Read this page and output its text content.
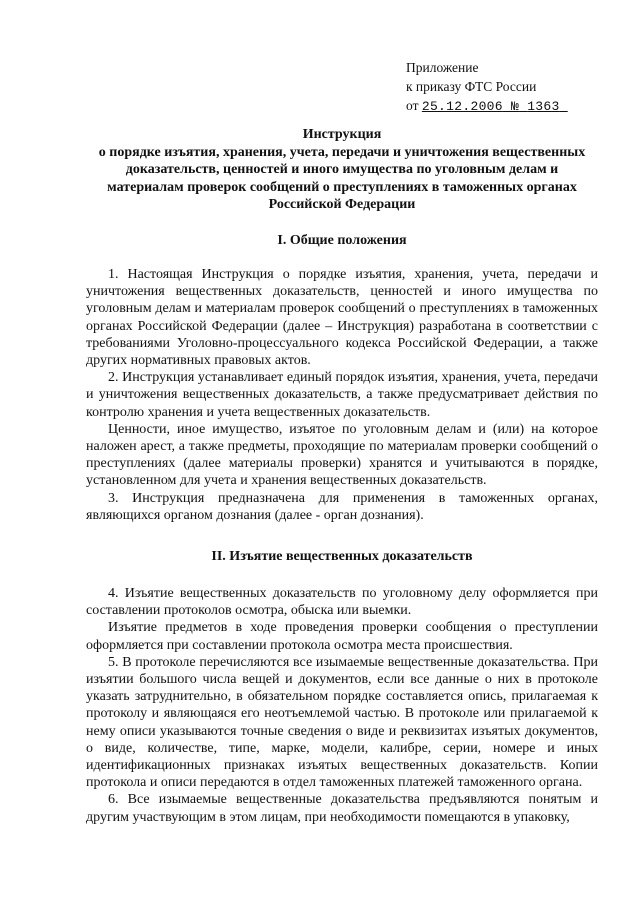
Приложение
к приказу ФТС России
от 25.12.2006 № 1363
Инструкция
о порядке изъятия, хранения, учета, передачи и уничтожения вещественных доказательств, ценностей и иного имущества по уголовным делам и материалам проверок сообщений о преступлениях в таможенных органах Российской Федерации
I. Общие положения

1. Настоящая Инструкция о порядке изъятия, хранения, учета, передачи и уничтожения вещественных доказательств, ценностей и иного имущества по уголовным делам и материалам проверок сообщений о преступлениях в таможенных органах Российской Федерации (далее – Инструкция) разработана в соответствии с требованиями Уголовно-процессуального кодекса Российской Федерации, а также других нормативных правовых актов.

2. Инструкция устанавливает единый порядок изъятия, хранения, учета, передачи и уничтожения вещественных доказательств, а также предусматривает действия по контролю хранения и учета вещественных доказательств.

Ценности, иное имущество, изъятое по уголовным делам и (или) на которое наложен арест, а также предметы, проходящие по материалам проверки сообщений о преступлениях (далее материалы проверки) хранятся и учитываются в порядке, установленном для учета и хранения вещественных доказательств.

3. Инструкция предназначена для применения в таможенных органах, являющихся органом дознания (далее - орган дознания).

II. Изъятие вещественных доказательств

4. Изъятие вещественных доказательств по уголовному делу оформляется при составлении протоколов осмотра, обыска или выемки.

Изъятие предметов в ходе проведения проверки сообщения о преступлении оформляется при составлении протокола осмотра места происшествия.

5. В протоколе перечисляются все изымаемые вещественные доказательства. При изъятии большого числа вещей и документов, если все данные о них в протоколе указать затруднительно, в обязательном порядке составляется опись, прилагаемая к протоколу и являющаяся его неотъемлемой частью. В протоколе или прилагаемой к нему описи указываются точные сведения о виде и реквизитах изъятых документов, о виде, количестве, типе, марке, модели, калибре, серии, номере и иных идентификационных признаках изъятых вещественных доказательств. Копии протокола и описи передаются в отдел таможенных платежей таможенного органа.

6. Все изымаемые вещественные доказательства предъявляются понятым и другим участвующим в этом лицам, при необходимости помещаются в упаковку,
